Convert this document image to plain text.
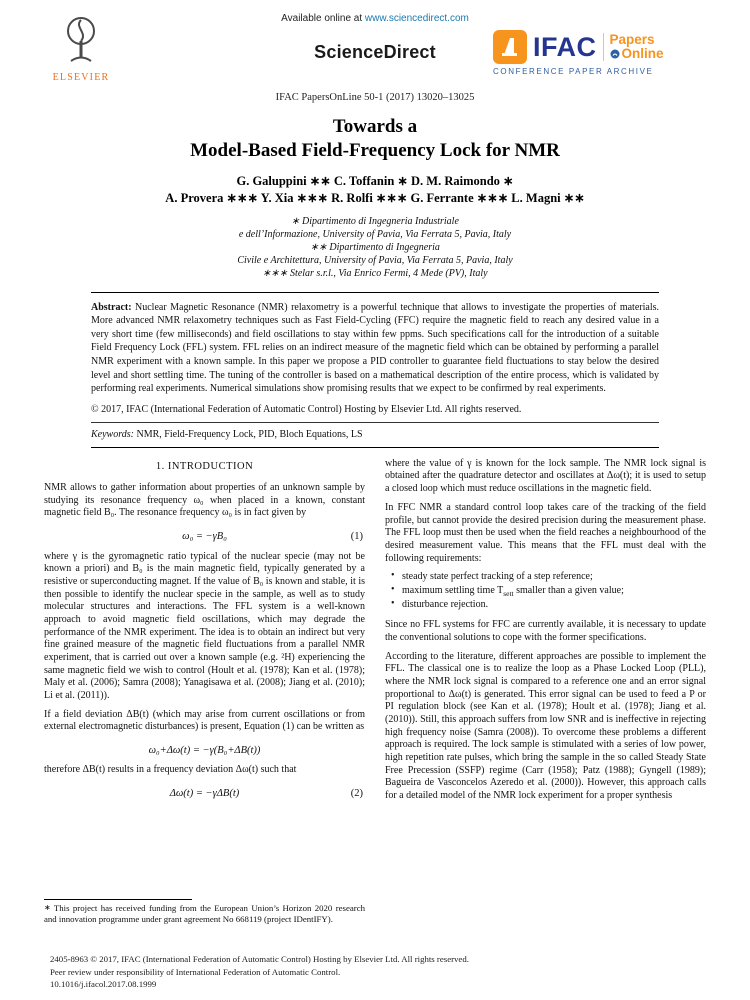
Available online at www.sciencedirect.com
ELSEVIER
ScienceDirect	IFAC Papers
Online
CONFERENCE PAPER ARCHIVE
IFAC PapersOnLine 50-1 (2017) 13020–13025
Towards a
Model-Based Field-Frequency Lock for NMR
G. Galuppini ∗∗ C. Toffanin ∗ D. M. Raimondo ∗
A. Provera ∗∗∗ Y. Xia ∗∗∗ R. Rolfi ∗∗∗ G. Ferrante ∗∗∗ L. Magni ∗∗
∗ Dipartimento di Ingegneria Industriale
e dell’Informazione, University of Pavia, Via Ferrata 5, Pavia, Italy
∗∗ Dipartimento di Ingegneria
Civile e Architettura, University of Pavia, Via Ferrata 5, Pavia, Italy
∗∗∗ Stelar s.r.l., Via Enrico Fermi, 4 Mede (PV), Italy
Abstract: Nuclear Magnetic Resonance (NMR) relaxometry is a powerful technique that allows to investigate the properties of materials. More advanced NMR relaxometry techniques such as Fast Field-Cycling (FFC) require the magnetic field to reach any desired value in a very short time (few milliseconds) and field oscillations to stay within few ppms. Such specifications call for the introduction of a suitable Field Frequency Lock (FFL) system. FFL relies on an indirect measure of the magnetic field which can be obtained by performing a parallel NMR experiment with a known sample. In this paper we propose a PID controller to guarantee field fluctuations to stay below the desired level and short settling time. The tuning of the controller is based on a mathematical description of the entire process, which is validated by performing real experiments. Numerical simulations show promising results that we expect to be confirmed by real experiments.
© 2017, IFAC (International Federation of Automatic Control) Hosting by Elsevier Ltd. All rights reserved.
Keywords: NMR, Field-Frequency Lock, PID, Bloch Equations, LS
1. INTRODUCTION

NMR allows to gather information about properties of an unknown sample by studying its resonance frequency ω₀ when placed in a known, constant magnetic field B₀. The resonance frequency ω₀ is in fact given by

ω₀ = −γB₀	(1)

where γ is the gyromagnetic ratio typical of the nuclear specie (may not be known a priori) and B₀ is the main magnetic field, typically generated by a resistive or superconducting magnet. If the value of B₀ is known and stable, it is then possible to identify the nuclear specie in the sample, as well as to study molecular structures and interactions. The FFL system is a well-known approach to avoid magnetic field oscillations, which may degrade the performance of the NMR experiment. The idea is to obtain an indirect but very fine grained measure of the magnetic field fluctuations from a parallel NMR experiment, that is carried out over a known sample (e.g. ²H) experiencing the same magnetic field we wish to control (Hoult et al. (1978); Kan et al. (1978); Maly et al. (2006); Samra (2008); Yanagisawa et al. (2008); Jiang et al. (2010); Li et al. (2011)).

If a field deviation ΔB(t) (which may arise from current oscillations or from external electromagnetic disturbances) is present, Equation (1) can be written as

ω₀+Δω(t) = −γ(B₀+ΔB(t))

therefore ΔB(t) results in a frequency deviation Δω(t) such that

Δω(t) = −γΔB(t)	(2)
∗ This project has received funding from the European Union’s Horizon 2020 research and innovation programme under grant agreement No 668119 (project IDentIFY).

where the value of γ is known for the lock sample. The NMR lock signal is obtained after the quadrature detector and oscillates at Δω(t); it is used to setup a closed loop which must reduce oscillations in the magnetic field.

In FFC NMR a standard control loop takes care of the tracking of the field profile, but cannot provide the desired precision during the measurement phase. The FFL loop must then be used when the field reaches a neighbourhood of the desired measurement value. This means that the FFL must deal with the following requirements:

• steady state perfect tracking of a step reference;
• maximum settling time $T_{sett}$ smaller than a given value;
• disturbance rejection.

Since no FFL systems for FFC are currently available, it is necessary to update the conventional solutions to cope with the former specifications.

According to the literature, different approaches are possible to implement the FFL. The classical one is to realize the loop as a Phase Locked Loop (PLL), where the NMR lock signal is compared to a reference one and an error signal proportional to Δω(t) is generated. This error signal can be used to feed a P or PI regulation block (see Kan et al. (1978); Hoult et al. (1978); Jiang et al. (2010)). Still, this approach suffers from low SNR and is ineffective in rejecting high frequency noise (Samra (2008)). To overcome these problems a different approach is required. The lock sample is stimulated with a series of low power, high repetition rate pulses, which bring the sample in the so called Steady State Free Precession (SSFP) regime (Carr (1958); Patz (1988); Gyngell (1989); Bagueira de Vasconcelos Azeredo et al. (2000)). However, this approach calls for a detailed model of the NMR lock experiment for a proper synthesis

2405-8963 © 2017, IFAC (International Federation of Automatic Control) Hosting by Elsevier Ltd. All rights reserved.
Peer review under responsibility of International Federation of Automatic Control.
10.1016/j.ifacol.2017.08.1999
